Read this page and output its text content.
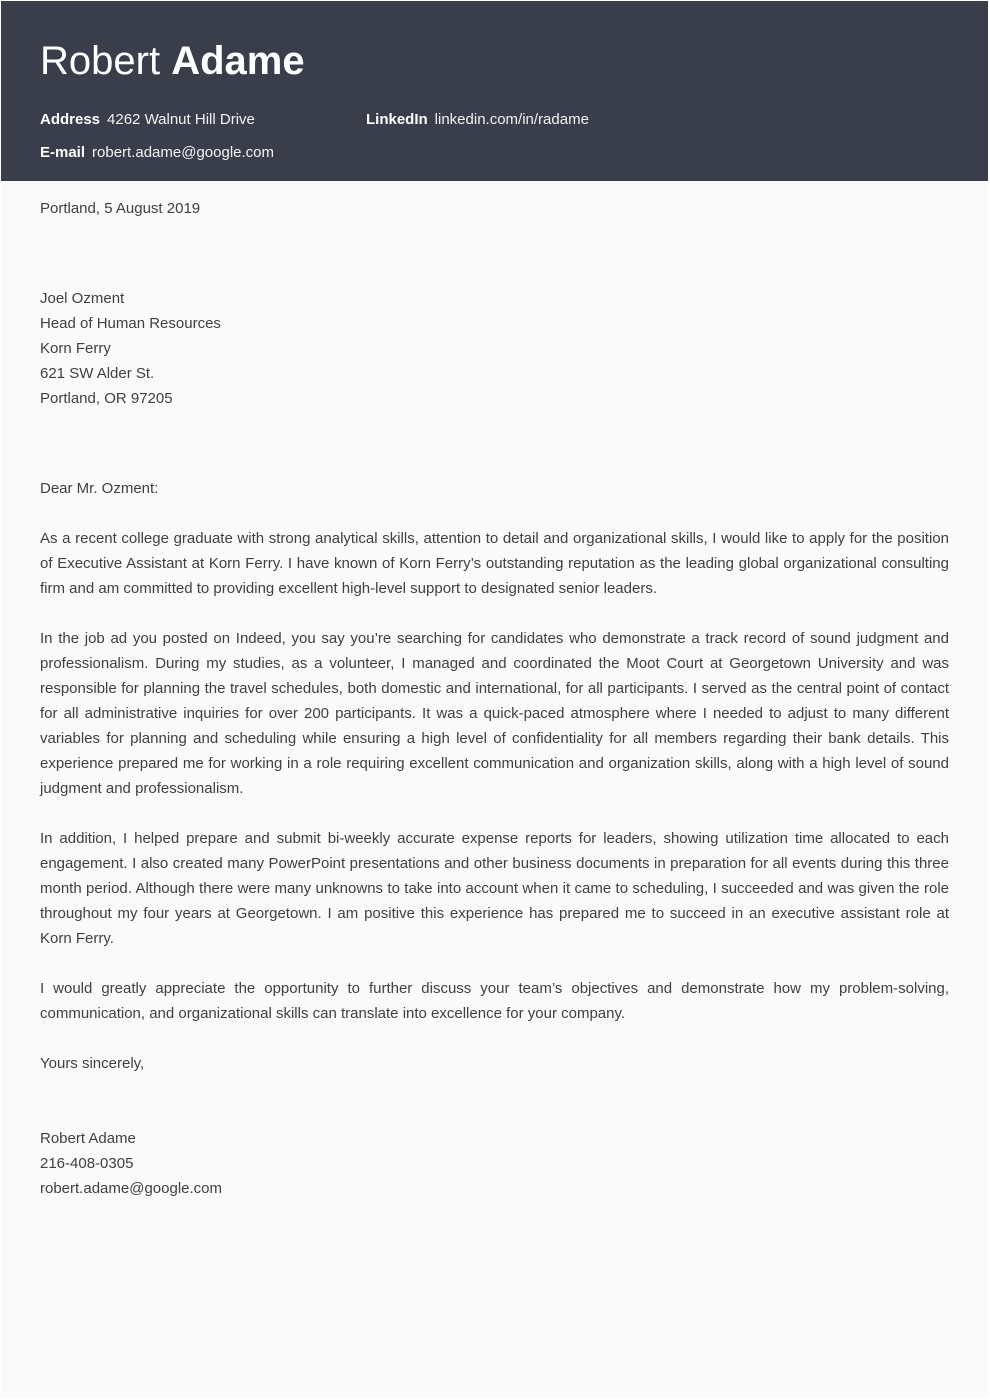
Robert Adame
Address 4262 Walnut Hill Drive	LinkedIn linkedin.com/in/radame
E-mail robert.adame@google.com

Portland, 5 August 2019

Joel Ozment
Head of Human Resources
Korn Ferry
621 SW Alder St.
Portland, OR 97205

Dear Mr. Ozment:

As a recent college graduate with strong analytical skills, attention to detail and organizational skills, I would like to apply for the position of Executive Assistant at Korn Ferry. I have known of Korn Ferry’s outstanding reputation as the leading global organizational consulting firm and am committed to providing excellent high-level support to designated senior leaders.

In the job ad you posted on Indeed, you say you’re searching for candidates who demonstrate a track record of sound judgment and professionalism. During my studies, as a volunteer, I managed and coordinated the Moot Court at Georgetown University and was responsible for planning the travel schedules, both domestic and international, for all participants. I served as the central point of contact for all administrative inquiries for over 200 participants. It was a quick-paced atmosphere where I needed to adjust to many different variables for planning and scheduling while ensuring a high level of confidentiality for all members regarding their bank details. This experience prepared me for working in a role requiring excellent communication and organization skills, along with a high level of sound judgment and professionalism.

In addition, I helped prepare and submit bi-weekly accurate expense reports for leaders, showing utilization time allocated to each engagement. I also created many PowerPoint presentations and other business documents in preparation for all events during this three month period. Although there were many unknowns to take into account when it came to scheduling, I succeeded and was given the role throughout my four years at Georgetown. I am positive this experience has prepared me to succeed in an executive assistant role at Korn Ferry.

I would greatly appreciate the opportunity to further discuss your team’s objectives and demonstrate how my problem-solving, communication, and organizational skills can translate into excellence for your company.

Yours sincerely,

Robert Adame
216-408-0305
robert.adame@google.com
